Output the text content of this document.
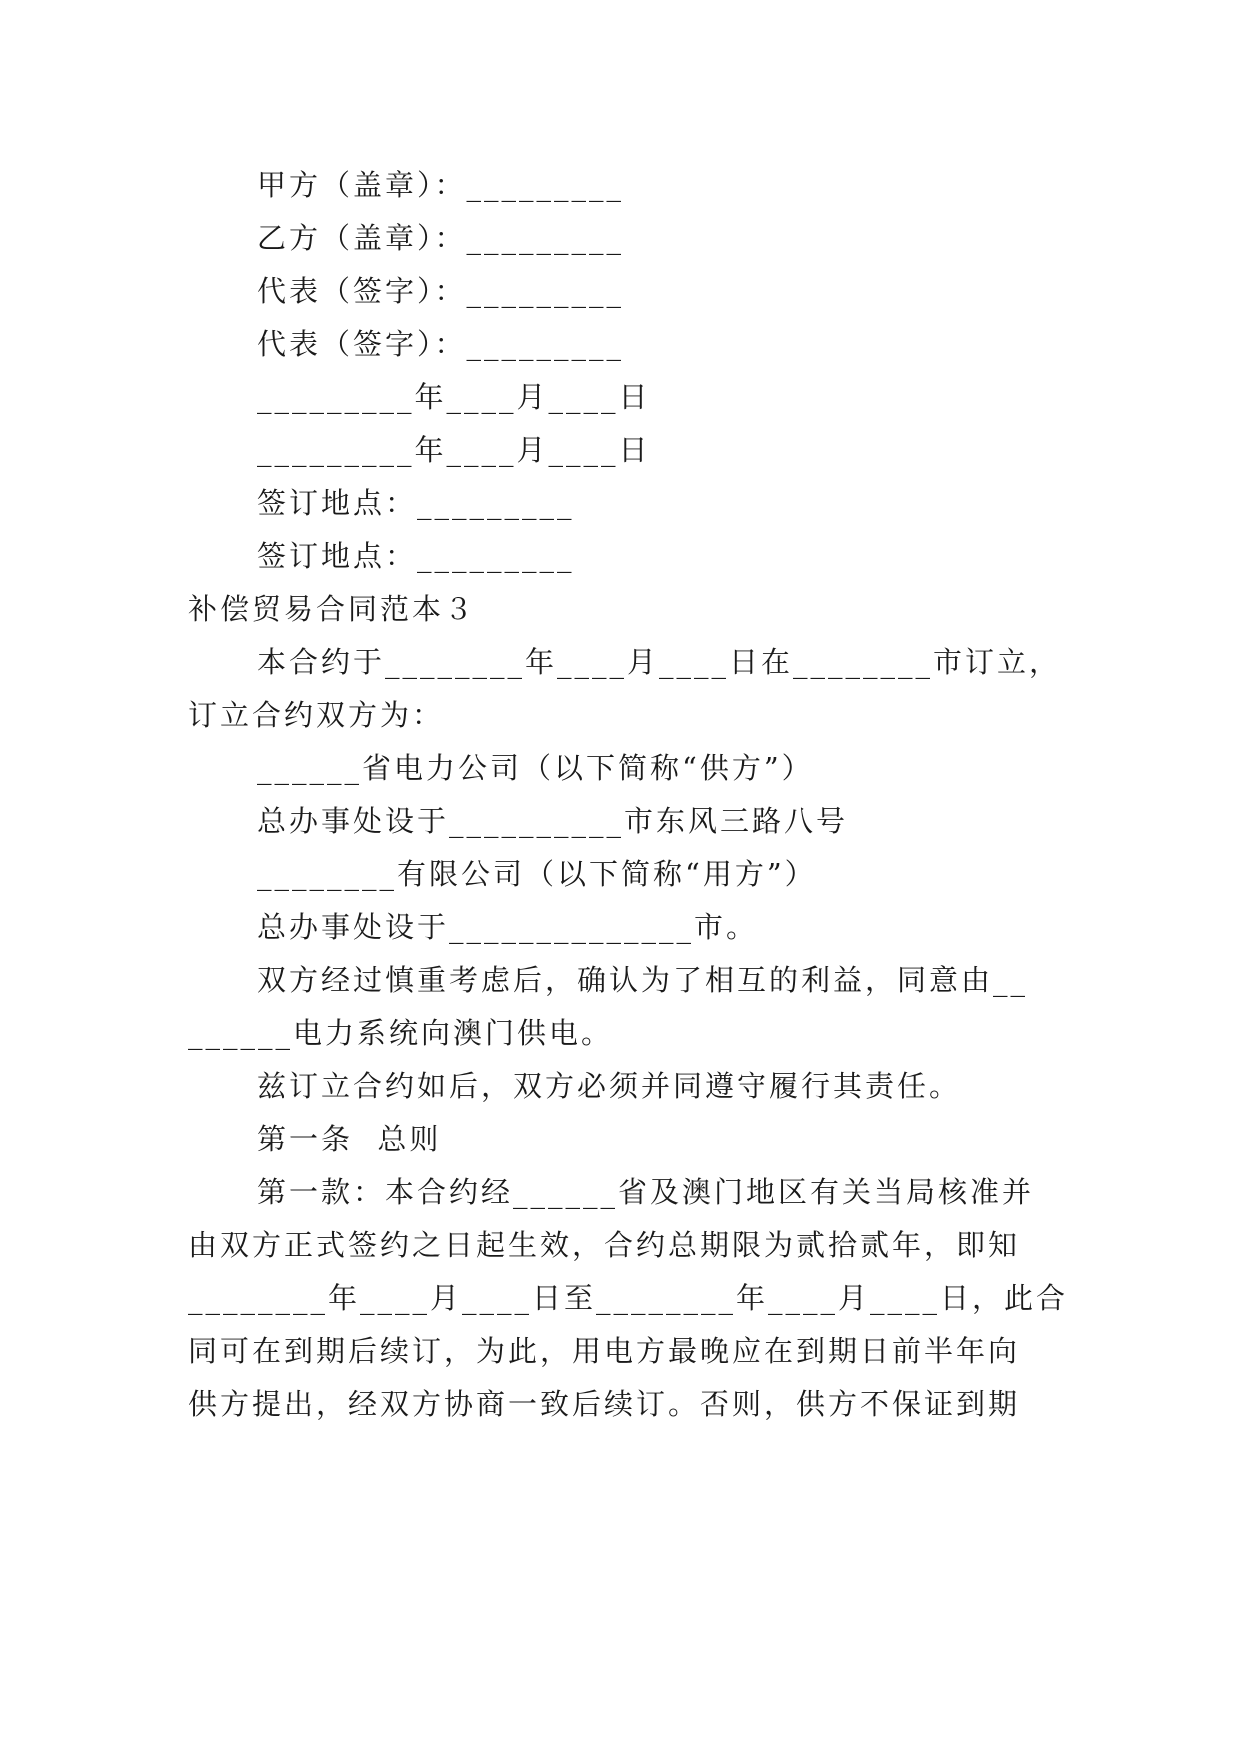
甲方（盖章）：_________
乙方（盖章）：_________
代表（签字）：_________
代表（签字）：_________
_________年____月____日
_________年____月____日
签订地点：_________
签订地点：_________
补偿贸易合同范本３
本合约于________年____月____日在________市订立，
订立合约双方为：
______省电力公司（以下简称“供方”）
总办事处设于__________市东风三路八号
________有限公司（以下简称“用方”）
总办事处设于______________市。
双方经过慎重考虑后，确认为了相互的利益，同意由__
______电力系统向澳门供电。
兹订立合约如后，双方必须并同遵守履行其责任。
第一条  总则
第一款：本合约经______省及澳门地区有关当局核准并
由双方正式签约之日起生效，合约总期限为贰拾贰年，即知
________年____月____日至________年____月____日，此合
同可在到期后续订，为此，用电方最晚应在到期日前半年向
供方提出，经双方协商一致后续订。否则，供方不保证到期
